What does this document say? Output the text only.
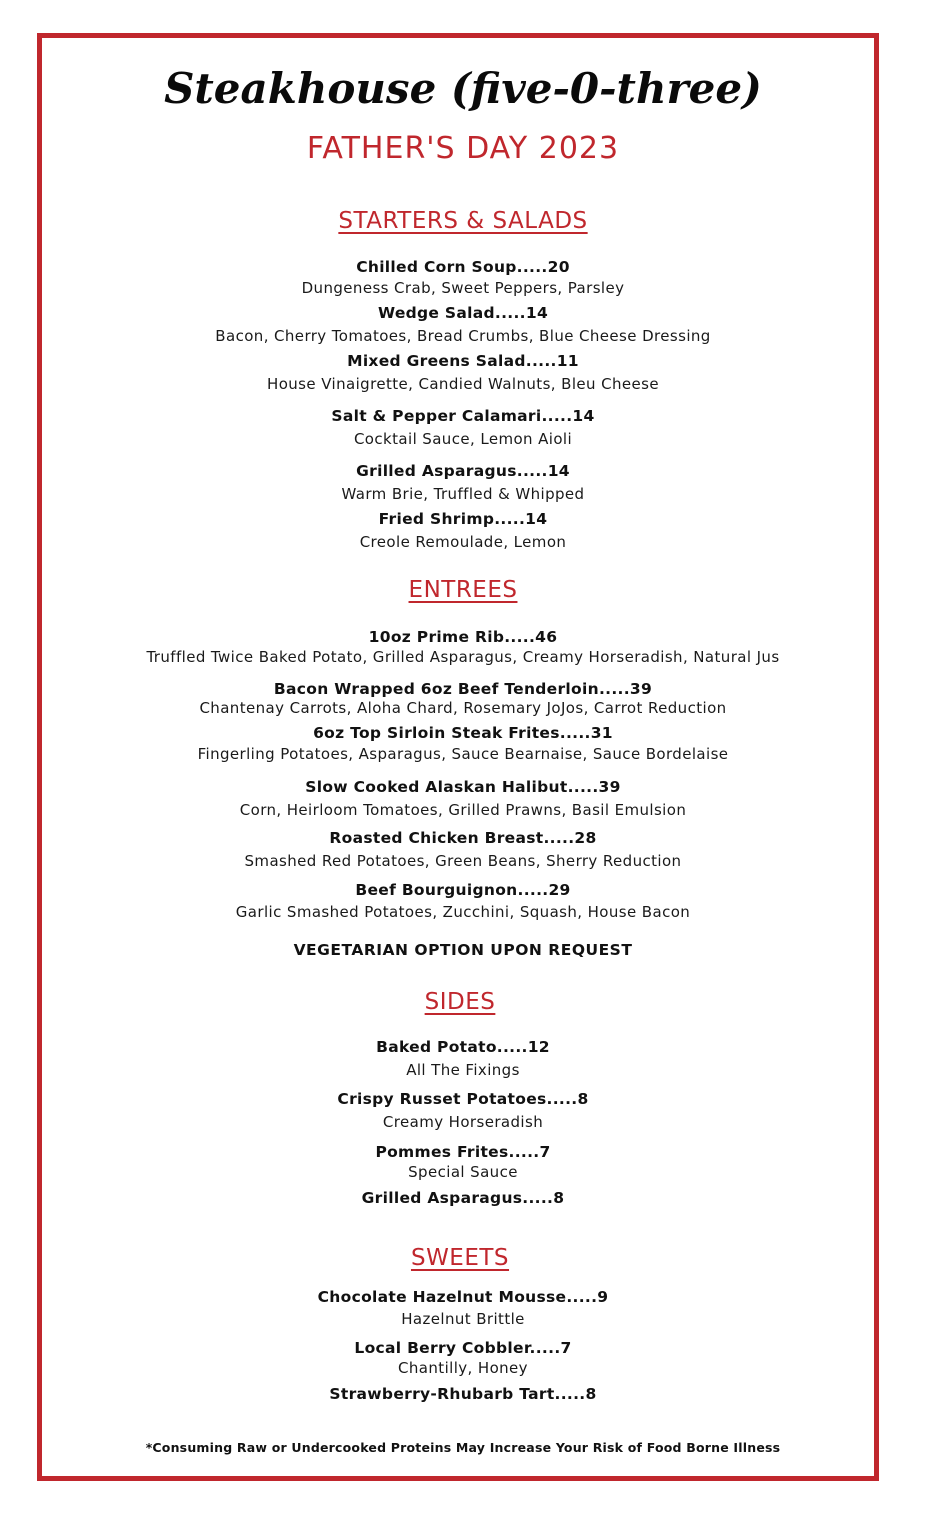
Steakhouse (five-0-three)
FATHER'S DAY 2023
STARTERS & SALADS
Chilled Corn Soup.....20
Dungeness Crab, Sweet Peppers, Parsley
Wedge Salad.....14
Bacon, Cherry Tomatoes, Bread Crumbs, Blue Cheese Dressing
Mixed Greens Salad.....11
House Vinaigrette, Candied Walnuts, Bleu Cheese
Salt & Pepper Calamari.....14
Cocktail Sauce, Lemon Aioli
Grilled Asparagus.....14
Warm Brie, Truffled & Whipped
Fried Shrimp.....14
Creole Remoulade, Lemon
ENTREES
10oz Prime Rib.....46
Truffled Twice Baked Potato, Grilled Asparagus, Creamy Horseradish, Natural Jus
Bacon Wrapped 6oz Beef Tenderloin.....39
Chantenay Carrots, Aloha Chard, Rosemary JoJos, Carrot Reduction
6oz Top Sirloin Steak Frites.....31
Fingerling Potatoes, Asparagus, Sauce Bearnaise, Sauce Bordelaise
Slow Cooked Alaskan Halibut.....39
Corn, Heirloom Tomatoes, Grilled Prawns, Basil Emulsion
Roasted Chicken Breast.....28
Smashed Red Potatoes, Green Beans, Sherry Reduction
Beef Bourguignon.....29
Garlic Smashed Potatoes, Zucchini, Squash, House Bacon
VEGETARIAN OPTION UPON REQUEST
SIDES
Baked Potato.....12
All The Fixings
Crispy Russet Potatoes.....8
Creamy Horseradish
Pommes Frites.....7
Special Sauce
Grilled Asparagus.....8
SWEETS
Chocolate Hazelnut Mousse.....9
Hazelnut Brittle
Local Berry Cobbler.....7
Chantilly, Honey
Strawberry-Rhubarb Tart.....8
*Consuming Raw or Undercooked Proteins May Increase Your Risk of Food Borne Illness
